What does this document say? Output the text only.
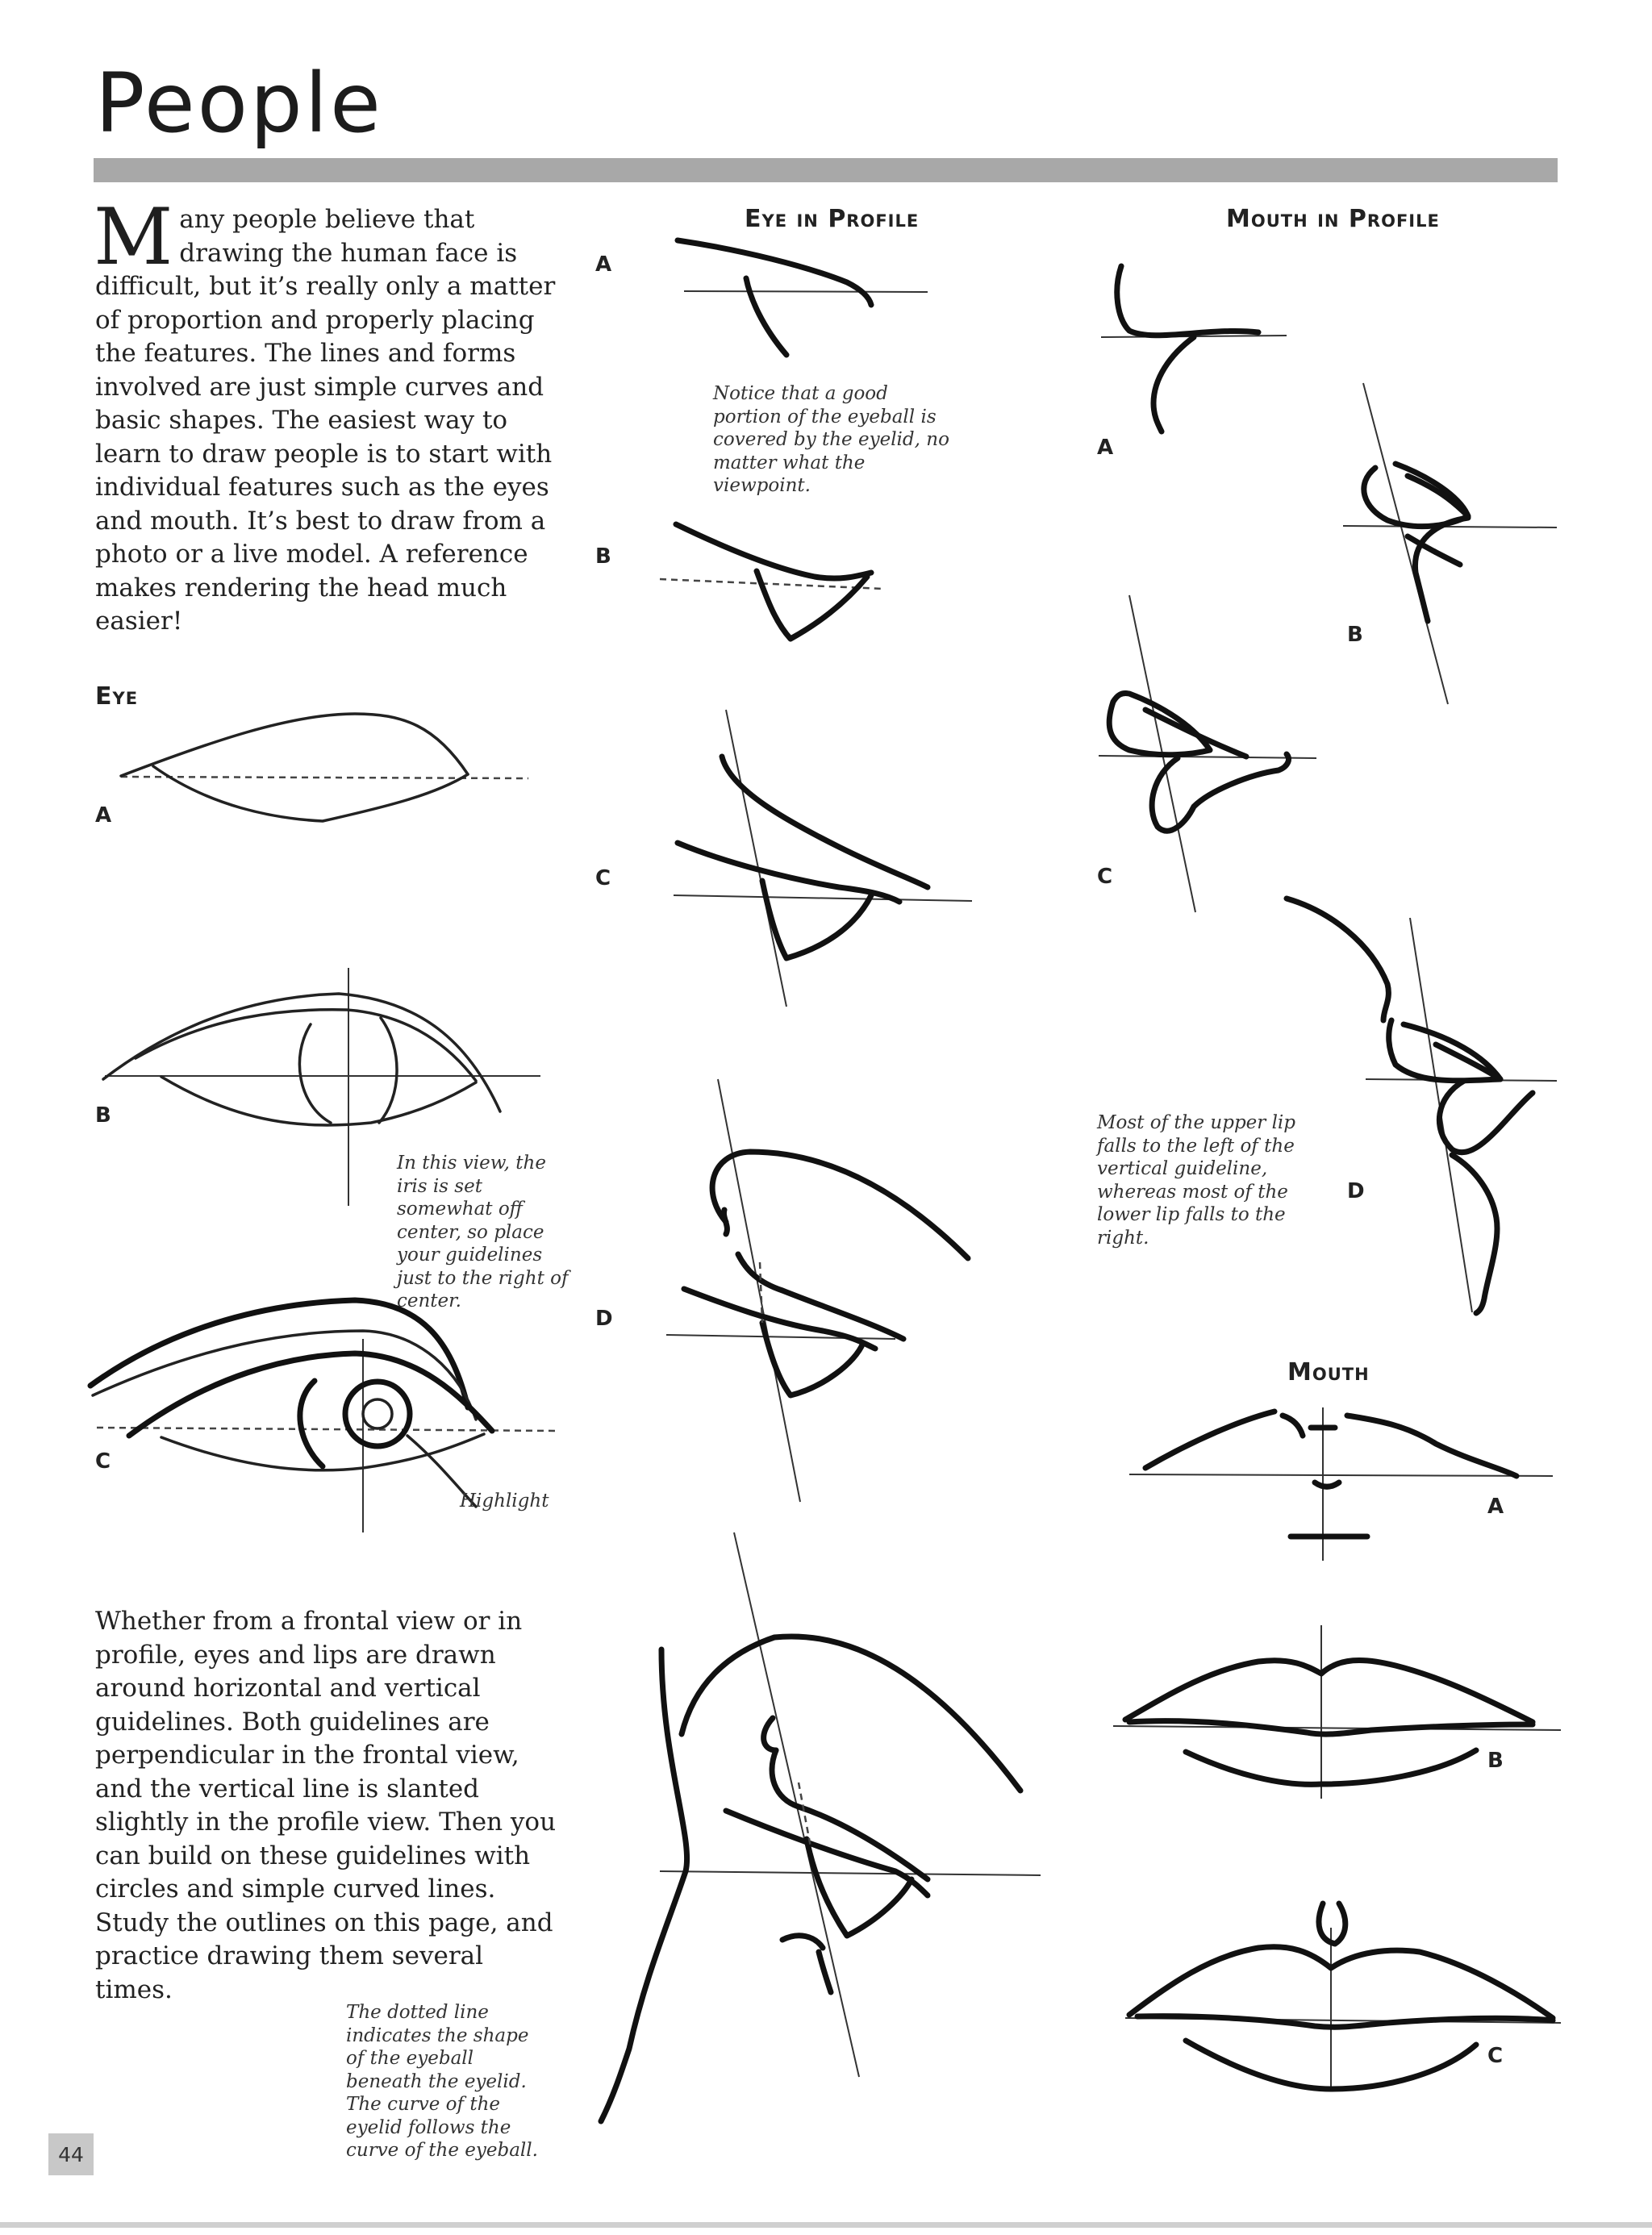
People
Many people believe that drawing the human face is difficult, but it’s really only a matter of proportion and properly placing the features. The lines and forms involved are just simple curves and basic shapes. The easiest way to learn to draw people is to start with individual features such as the eyes and mouth. It’s best to draw from a photo or a live model. A reference makes rendering the head much easier!
Whether from a frontal view or in profile, eyes and lips are drawn around horizontal and vertical guidelines. Both guidelines are perpendicular in the frontal view, and the vertical line is slanted slightly in the profile view. Then you can build on these guidelines with circles and simple curved lines. Study the outlines on this page, and practice drawing them several times.
Eye
A
B
C
In this view, the iris is set somewhat off center, so place your guidelines just to the right of center.
Highlight
Eye in Profile
A
B
C
D
Notice that a good portion of the eyeball is covered by the eyelid, no matter what the viewpoint.
The dotted line indicates the shape of the eyeball beneath the eyelid. The curve of the eyelid follows the curve of the eyeball.
Mouth in Profile
A
B
C
D
Most of the upper lip falls to the left of the vertical guideline, whereas most of the lower lip falls to the right.
Mouth
A
B
C
44
